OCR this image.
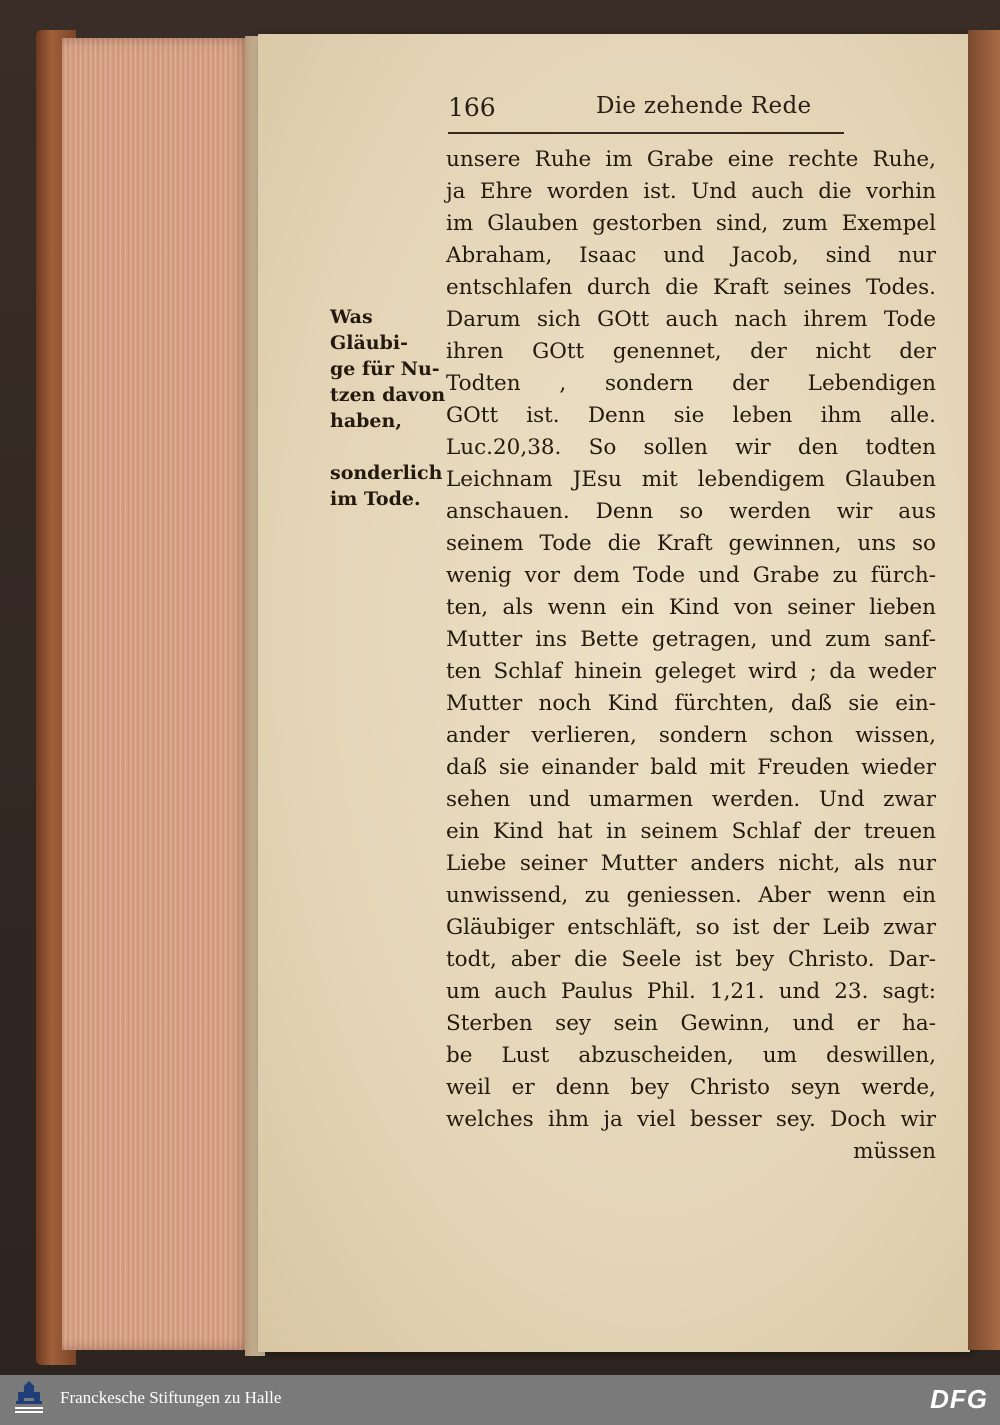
166	Die zehende Rede
Was
Gläubi-
ge für Nu-
tzen davon
haben,
sonderlich
im Tode.
unsere Ruhe im Grabe eine rechte Ruhe,
ja Ehre worden ist. Und auch die vorhin
im Glauben gestorben sind, zum Exempel
Abraham, Isaac und Jacob, sind nur
entschlafen durch die Kraft seines Todes.
Darum sich GOtt auch nach ihrem Tode
ihren GOtt genennet, der nicht der
Todten , sondern der Lebendigen
GOtt ist. Denn sie leben ihm alle.
Luc.20,38. So sollen wir den todten
Leichnam JEsu mit lebendigem Glauben
anschauen. Denn so werden wir aus
seinem Tode die Kraft gewinnen, uns so
wenig vor dem Tode und Grabe zu fürch-
ten, als wenn ein Kind von seiner lieben
Mutter ins Bette getragen, und zum sanf-
ten Schlaf hinein geleget wird ; da weder
Mutter noch Kind fürchten, daß sie ein-
ander verlieren, sondern schon wissen,
daß sie einander bald mit Freuden wieder
sehen und umarmen werden. Und zwar
ein Kind hat in seinem Schlaf der treuen
Liebe seiner Mutter anders nicht, als nur
unwissend, zu geniessen. Aber wenn ein
Gläubiger entschläft, so ist der Leib zwar
todt, aber die Seele ist bey Christo. Dar-
um auch Paulus Phil. 1,21. und 23. sagt:
Sterben sey sein Gewinn, und er ha-
be Lust abzuscheiden, um deswillen,
weil er denn bey Christo seyn werde,
welches ihm ja viel besser sey. Doch wir
müssen
Franckesche Stiftungen zu Halle	DFG
